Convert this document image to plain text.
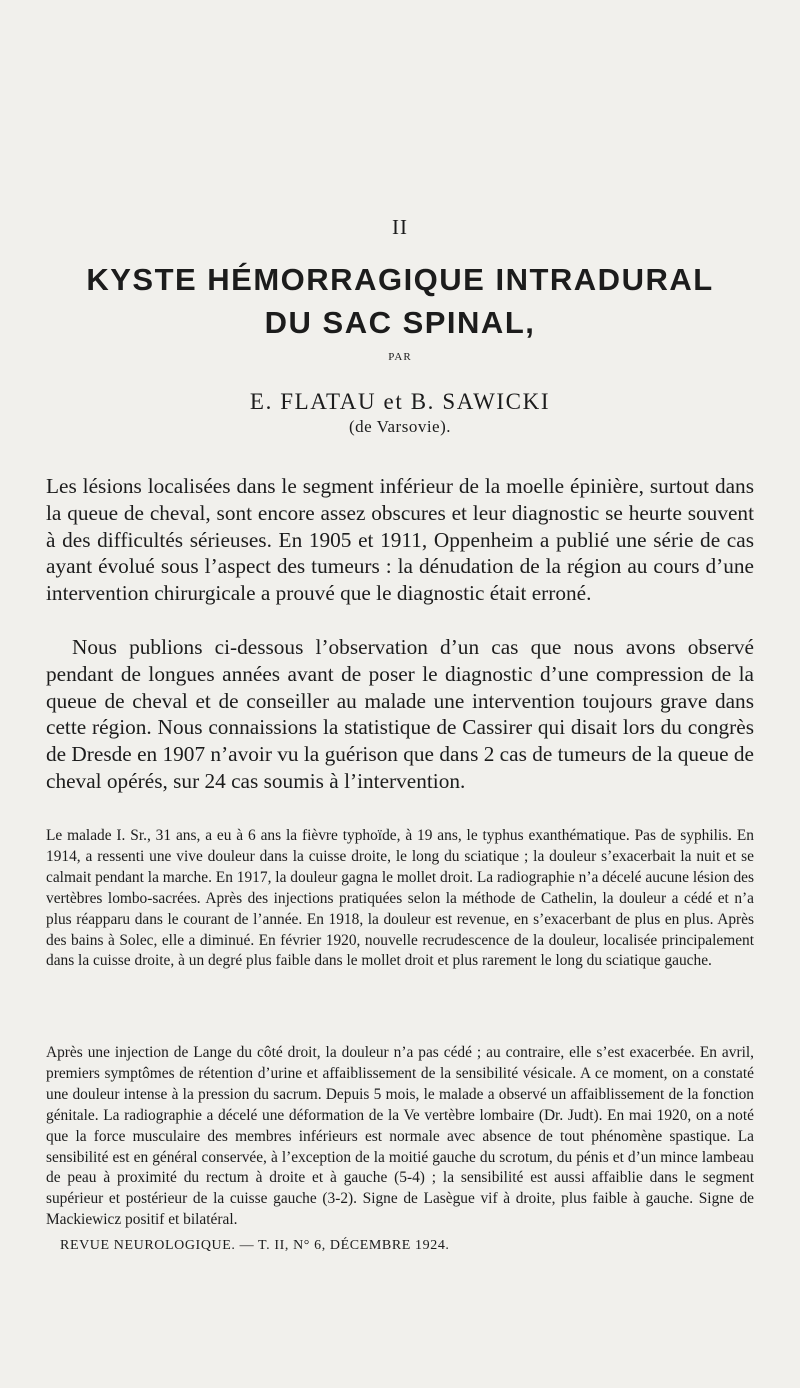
II

KYSTE HÉMORRAGIQUE INTRADURAL
DU SAC SPINAL,

PAR

E. FLATAU et B. SAWICKI

(de Varsovie).

Les lésions localisées dans le segment inférieur de la moelle épinière, surtout dans la queue de cheval, sont encore assez obscures et leur diagnostic se heurte souvent à des difficultés sérieuses. En 1905 et 1911, Oppenheim a publié une série de cas ayant évolué sous l’aspect des tumeurs : la dénudation de la région au cours d’une intervention chirurgicale a prouvé que le diagnostic était erroné.

Nous publions ci-dessous l’observation d’un cas que nous avons observé pendant de longues années avant de poser le diagnostic d’une compression de la queue de cheval et de conseiller au malade une intervention toujours grave dans cette région. Nous connaissions la statistique de Cassirer qui disait lors du congrès de Dresde en 1907 n’avoir vu la guérison que dans 2 cas de tumeurs de la queue de cheval opérés, sur 24 cas soumis à l’intervention.

Le malade I. Sr., 31 ans, a eu à 6 ans la fièvre typhoïde, à 19 ans, le typhus exanthématique. Pas de syphilis. En 1914, a ressenti une vive douleur dans la cuisse droite, le long du sciatique ; la douleur s’exacerbait la nuit et se calmait pendant la marche. En 1917, la douleur gagna le mollet droit. La radiographie n’a décelé aucune lésion des vertèbres lombo-sacrées. Après des injections pratiquées selon la méthode de Cathelin, la douleur a cédé et n’a plus réapparu dans le courant de l’année. En 1918, la douleur est revenue, en s’exacerbant de plus en plus. Après des bains à Solec, elle a diminué. En février 1920, nouvelle recrudescence de la douleur, localisée principalement dans la cuisse droite, à un degré plus faible dans le mollet droit et plus rarement le long du sciatique gauche.

Après une injection de Lange du côté droit, la douleur n’a pas cédé ; au contraire, elle s’est exacerbée. En avril, premiers symptômes de rétention d’urine et affaiblissement de la sensibilité vésicale. A ce moment, on a constaté une douleur intense à la pression du sacrum. Depuis 5 mois, le malade a observé un affaiblissement de la fonction génitale. La radiographie a décelé une déformation de la Ve vertèbre lombaire (Dr. Judt). En mai 1920, on a noté que la force musculaire des membres inférieurs est normale avec absence de tout phénomène spastique. La sensibilité est en général conservée, à l’exception de la moitié gauche du scrotum, du pénis et d’un mince lambeau de peau à proximité du rectum à droite et à gauche (5-4) ; la sensibilité est aussi affaiblie dans le segment supérieur et postérieur de la cuisse gauche (3-2). Signe de Lasègue vif à droite, plus faible à gauche. Signe de Mackiewicz positif et bilatéral.

REVUE NEUROLOGIQUE. — T. II, N° 6, DÉCEMBRE 1924.
